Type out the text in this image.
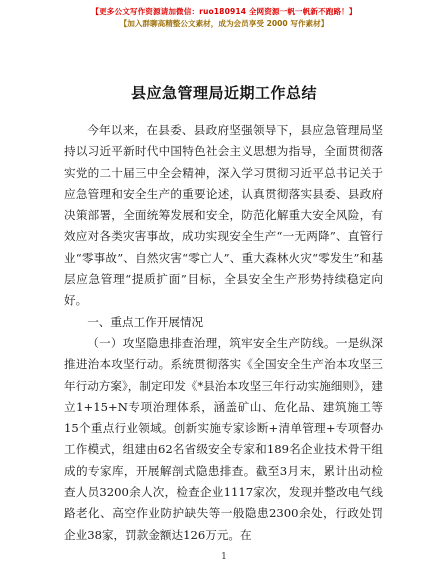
【更多公文写作资源请加微信：ruo180914 全网资源一帆一帆新不跑路！】
【加入群聊高精整公文素材，成为会员享受 2000 写作素材】
县应急管理局近期工作总结

今年以来，在县委、县政府坚强领导下，县应急管理局坚持以习近平新时代中国特色社会主义思想为指导，全面贯彻落实党的二十届三中全会精神，深入学习贯彻习近平总书记关于应急管理和安全生产的重要论述，认真贯彻落实县委、县政府决策部署，全面统筹发展和安全，防范化解重大安全风险，有效应对各类灾害事故，成功实现安全生产“一无两降”、直管行业“零事故”、自然灾害“零亡人”、重大森林火灾“零发生”和基层应急管理“提质扩面”目标，全县安全生产形势持续稳定向好。

一、重点工作开展情况

（一）攻坚隐患排查治理，筑牢安全生产防线。一是纵深推进治本攻坚行动。系统贯彻落实《全国安全生产治本攻坚三年行动方案》，制定印发《*县治本攻坚三年行动实施细则》，建立1+15+N专项治理体系，涵盖矿山、危化品、建筑施工等15个重点行业领域。创新实施专家诊断+清单管理+专项督办工作模式，组建由62名省级安全专家和189名企业技术骨干组成的专家库，开展解剖式隐患排查。截至3月末，累计出动检查人员3200余人次，检查企业1117家次，发现并整改电气线路老化、高空作业防护缺失等一般隐患2300余处，行政处罚企业38家，罚款金额达126万元。在

1
